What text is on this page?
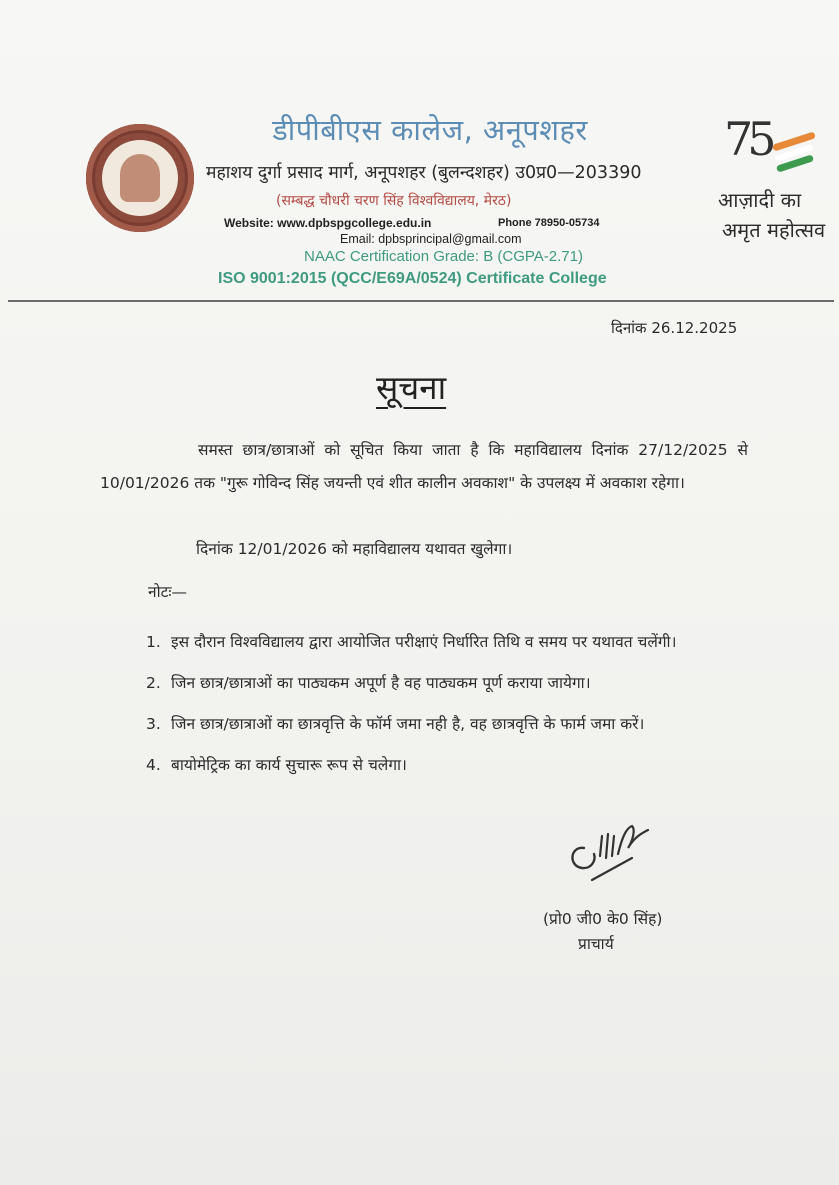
डीपीबीएस कालेज, अनूपशहर
महाशय दुर्गा प्रसाद मार्ग, अनूपशहर (बुलन्दशहर) उ0प्र0—203390
(सम्बद्ध चौधरी चरण सिंह विश्वविद्यालय, मेरठ)
Website: www.dpbspgcollege.edu.in	Phone 78950-05734
Email: dpbsprincipal@gmail.com
NAAC Certification Grade: B (CGPA-2.71)
ISO 9001:2015 (QCC/E69A/0524) Certificate College
75
आज़ादी का
अमृत महोत्सव
दिनांक 26.12.2025
सूचना
समस्त छात्र/छात्राओं को सूचित किया जाता है कि महाविद्यालय दिनांक 27/12/2025 से 10/01/2026 तक "गुरू गोविन्द सिंह जयन्ती एवं शीत कालीन अवकाश" के उपलक्ष्य में अवकाश रहेगा।
दिनांक 12/01/2026 को महाविद्यालय यथावत खुलेगा।
नोटः—
1. इस दौरान विश्वविद्यालय द्वारा आयोजित परीक्षाएं निर्धारित तिथि व समय पर यथावत चलेंगी।
2. जिन छात्र/छात्राओं का पाठ्यकम अपूर्ण है वह पाठ्यकम पूर्ण कराया जायेगा।
3. जिन छात्र/छात्राओं का छात्रवृत्ति के फॉर्म जमा नही है, वह छात्रवृत्ति के फार्म जमा करें।
4. बायोमेट्रिक का कार्य सुचारू रूप से चलेगा।
(प्रो0 जी0 के0 सिंह)
प्राचार्य
